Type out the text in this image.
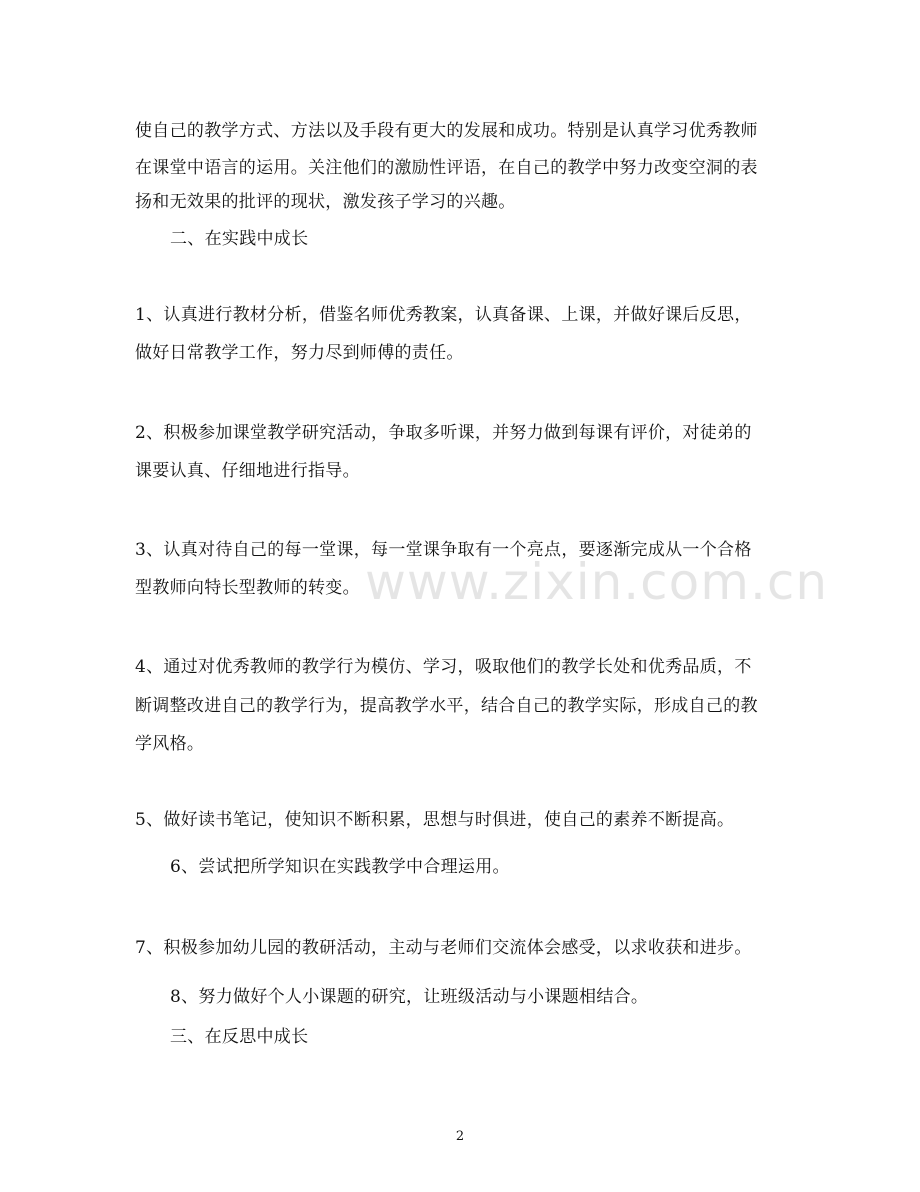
使自己的教学方式、方法以及手段有更大的发展和成功。特别是认真学习优秀教师
在课堂中语言的运用。关注他们的激励性评语，在自己的教学中努力改变空洞的表
扬和无效果的批评的现状，激发孩子学习的兴趣。
二、在实践中成长
1、认真进行教材分析，借鉴名师优秀教案，认真备课、上课，并做好课后反思，
做好日常教学工作，努力尽到师傅的责任。
2、积极参加课堂教学研究活动，争取多听课，并努力做到每课有评价，对徒弟的
课要认真、仔细地进行指导。
3、认真对待自己的每一堂课，每一堂课争取有一个亮点，要逐渐完成从一个合格
型教师向特长型教师的转变。
4、通过对优秀教师的教学行为模仿、学习，吸取他们的教学长处和优秀品质，不
断调整改进自己的教学行为，提高教学水平，结合自己的教学实际，形成自己的教
学风格。
5、做好读书笔记，使知识不断积累，思想与时俱进，使自己的素养不断提高。
6、尝试把所学知识在实践教学中合理运用。
7、积极参加幼儿园的教研活动，主动与老师们交流体会感受，以求收获和进步。
8、努力做好个人小课题的研究，让班级活动与小课题相结合。
三、在反思中成长
www.zixin.com.cn
2
